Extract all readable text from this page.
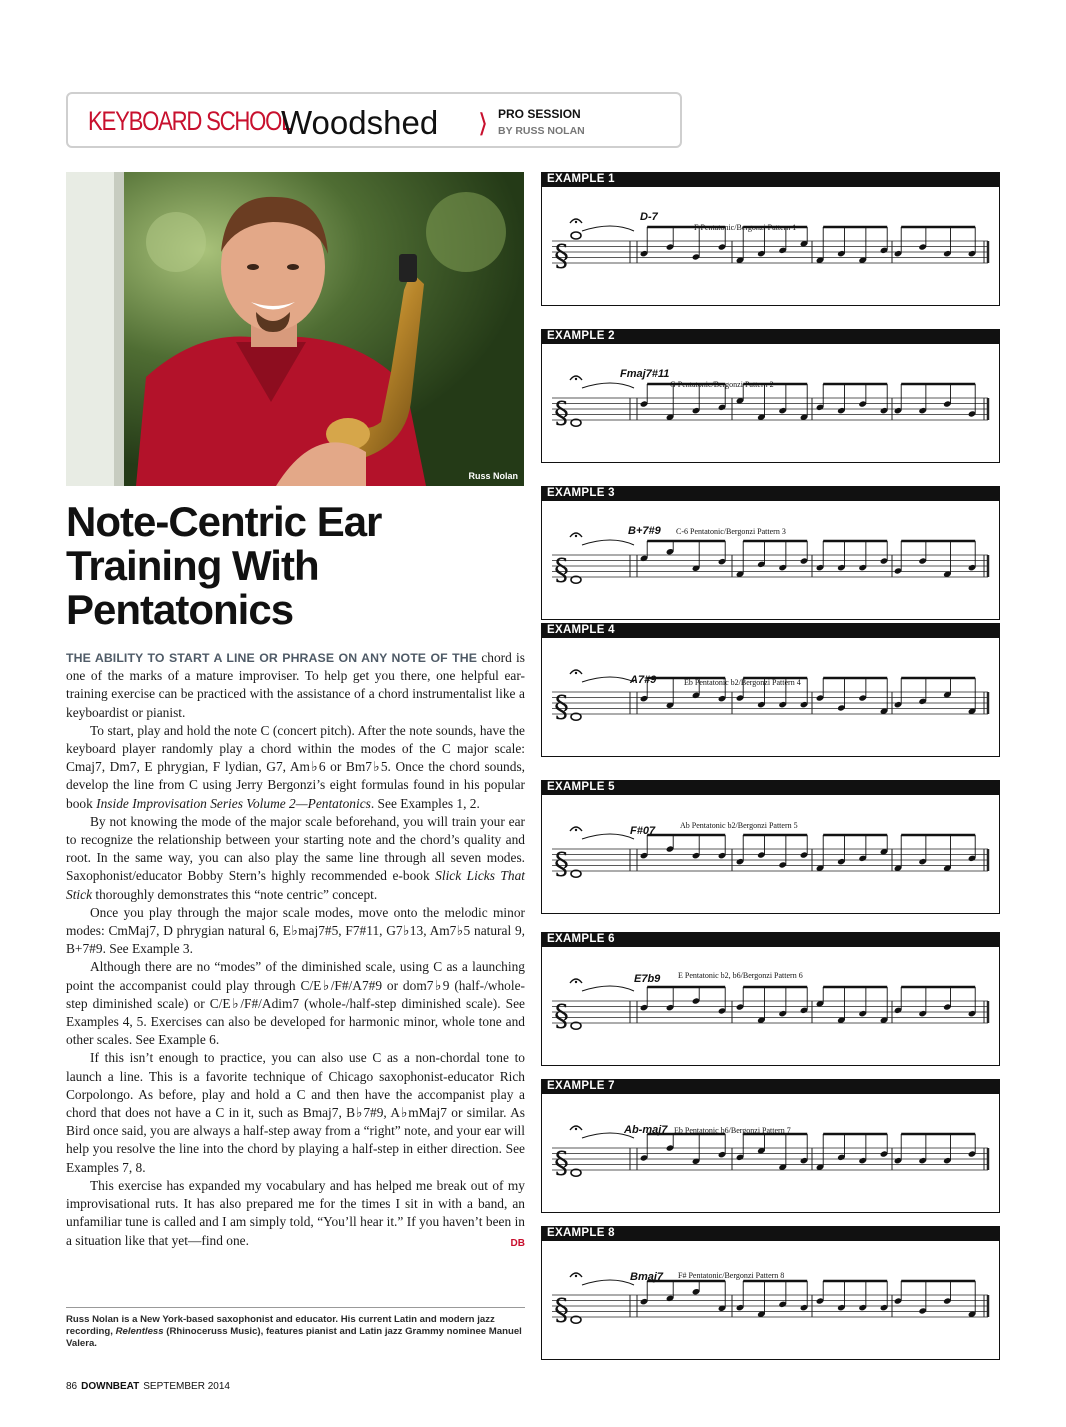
KEYBOARD SCHOOL
Woodshed ⟩ PRO SESSION
BY RUSS NOLAN
Russ Nolan
Note-Centric Ear Training With Pentatonics

THE ABILITY TO START A LINE OR PHRASE ON ANY NOTE OF THE chord is one of the marks of a mature improviser. To help get you there, one helpful ear-training exercise can be practiced with the assistance of a chord instrumentalist like a keyboardist or pianist.

To start, play and hold the note C (concert pitch). After the note sounds, have the keyboard player randomly play a chord within the modes of the C major scale: Cmaj7, Dm7, E phrygian, F lydian, G7, Am♭6 or Bm7♭5. Once the chord sounds, develop the line from C using Jerry Bergonzi’s eight formulas found in his popular book Inside Improvisation Series Volume 2—Pentatonics. See Examples 1, 2.

By not knowing the mode of the major scale beforehand, you will train your ear to recognize the relationship between your starting note and the chord’s quality and root. In the same way, you can also play the same line through all seven modes. Saxophonist/educator Bobby Stern’s highly recommended e-book Slick Licks That Stick thoroughly demonstrates this “note centric” concept.

Once you play through the major scale modes, move onto the melodic minor modes: CmMaj7, D phrygian natural 6, E♭maj7#5, F7#11, G7♭13, Am7♭5 natural 9, B+7#9. See Example 3.

Although there are no “modes” of the diminished scale, using C as a launching point the accompanist could play through C/E♭/F#/A7#9 or dom7♭9 (half-/whole-step diminished scale) or C/E♭/F#/Adim7 (whole-/half-step diminished scale). See Examples 4, 5. Exercises can also be developed for harmonic minor, whole tone and other scales. See Example 6.

If this isn’t enough to practice, you can also use C as a non-chordal tone to launch a line. This is a favorite technique of Chicago saxophonist-educator Rich Corpolongo. As before, play and hold a C and then have the accompanist play a chord that does not have a C in it, such as Bmaj7, B♭7#9, A♭mMaj7 or similar. As Bird once said, you are always a half-step away from a “right” note, and your ear will help you resolve the line into the chord by playing a half-step in either direction. See Examples 7, 8.

This exercise has expanded my vocabulary and has helped me break out of my improvisational ruts. It has also prepared me for the times I sit in with a band, an unfamiliar tune is called and I am simply told, “You’ll hear it.” If you haven’t been in a situation like that yet—find one.	DB

Russ Nolan is a New York-based saxophonist and educator. His current Latin and modern jazz recording, Relentless (Rhinoceruss Music), features pianist and Latin jazz Grammy nominee Manuel Valera.
86 DOWNBEAT SEPTEMBER 2014
EXAMPLE 1
§
D-7
F Pentatonic/Bergonzi Pattern 1
EXAMPLE 2
§
Fmaj7#11
G Pentatonic/Bergonzi Pattern 2
EXAMPLE 3
§
B+7#9 C-6 Pentatonic/Bergonzi Pattern 3
EXAMPLE 4
§
A7#9	Eb Pentatonic b2/Bergonzi Pattern 4
EXAMPLE 5
§
F#07	Ab Pentatonic b2/Bergonzi Pattern 5
EXAMPLE 6
§
E7b9 E Pentatonic b2, b6/Bergonzi Pattern 6
EXAMPLE 7
§
Ab-maj7 Eb Pentatonic b6/Bergonzi Pattern 7
EXAMPLE 8
§
Bmaj7 F# Pentatonic/Bergonzi Pattern 8
